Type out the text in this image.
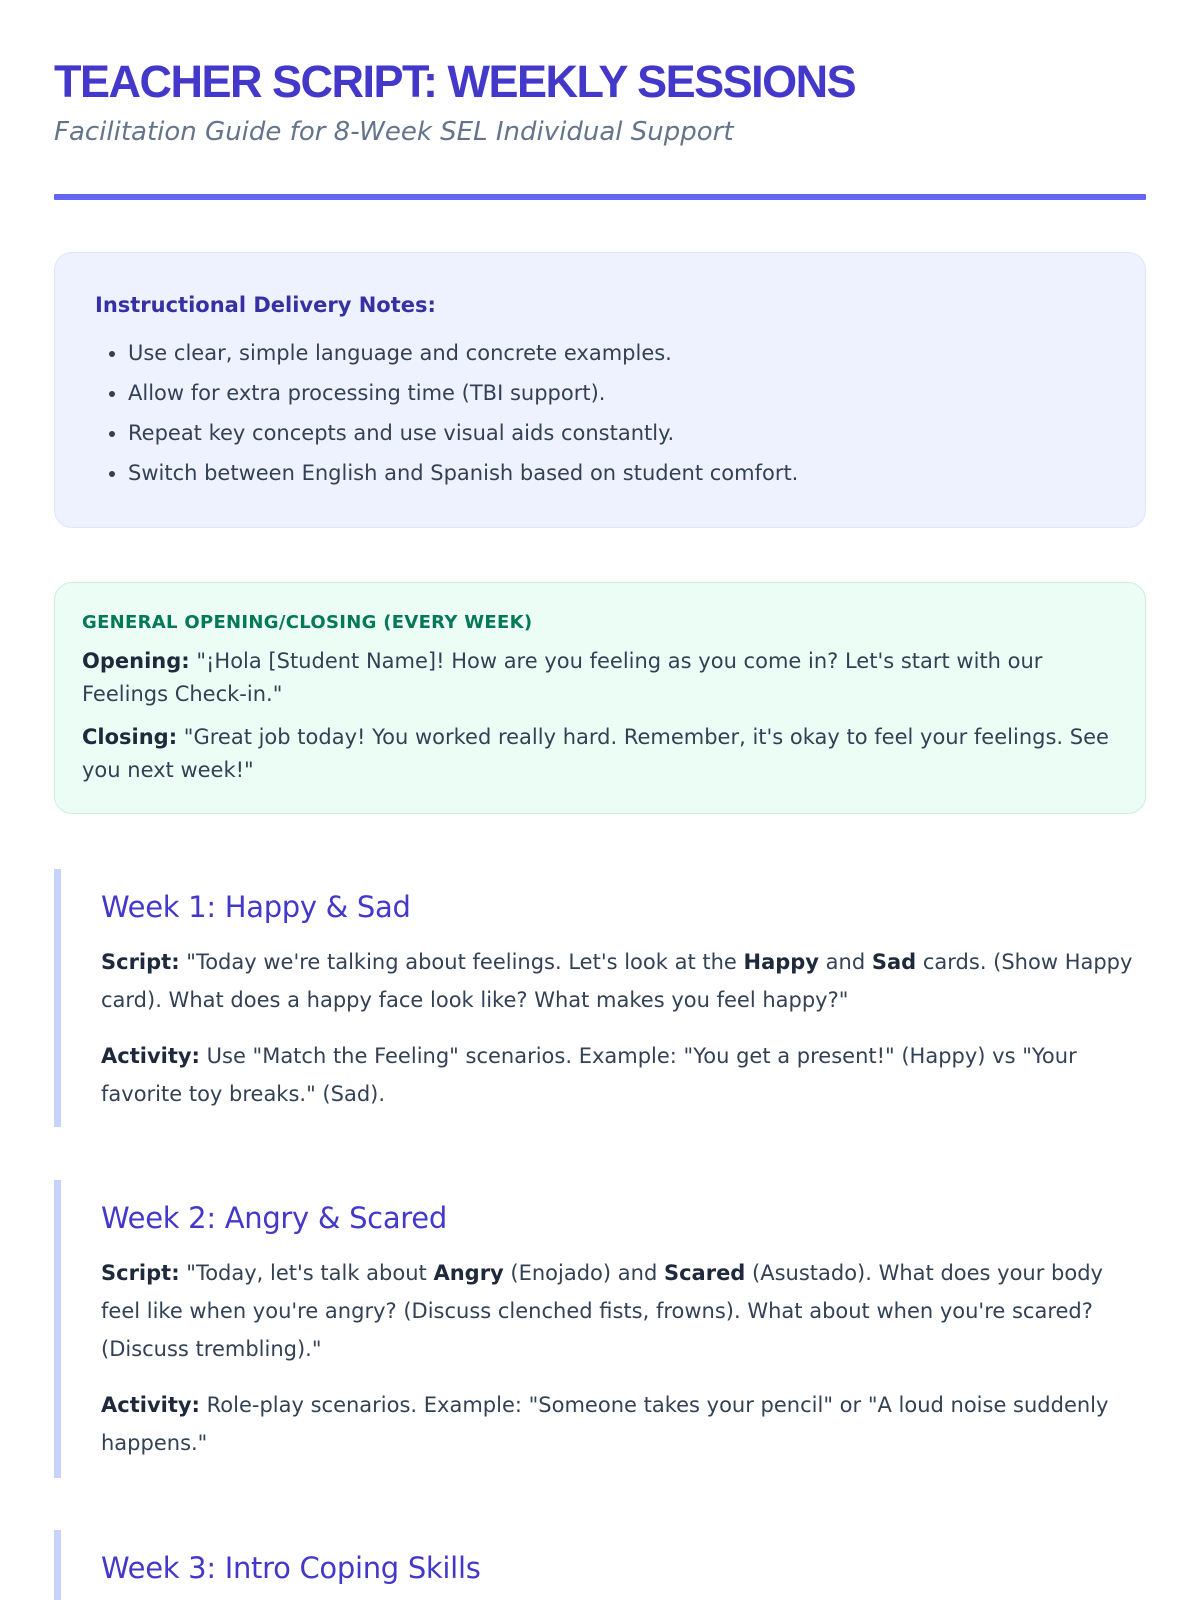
TEACHER SCRIPT: WEEKLY SESSIONS

Facilitation Guide for 8-Week SEL Individual Support

Instructional Delivery Notes:
• Use clear, simple language and concrete examples.
• Allow for extra processing time (TBI support).
• Repeat key concepts and use visual aids constantly.
• Switch between English and Spanish based on student comfort.
GENERAL OPENING/CLOSING (EVERY WEEK)

Opening: "¡Hola [Student Name]! How are you feeling as you come in? Let's start with our Feelings Check-in."

Closing: "Great job today! You worked really hard. Remember, it's okay to feel your feelings. See you next week!"

Week 1: Happy & Sad

Script: "Today we're talking about feelings. Let's look at the Happy and Sad cards. (Show Happy card). What does a happy face look like? What makes you feel happy?"

Activity: Use "Match the Feeling" scenarios. Example: "You get a present!" (Happy) vs "Your favorite toy breaks." (Sad).

Week 2: Angry & Scared

Script: "Today, let's talk about Angry (Enojado) and Scared (Asustado). What does your body feel like when you're angry? (Discuss clenched fists, frowns). What about when you're scared? (Discuss trembling)."

Activity: Role-play scenarios. Example: "Someone takes your pencil" or "A loud noise suddenly happens."

Week 3: Intro Coping Skills
